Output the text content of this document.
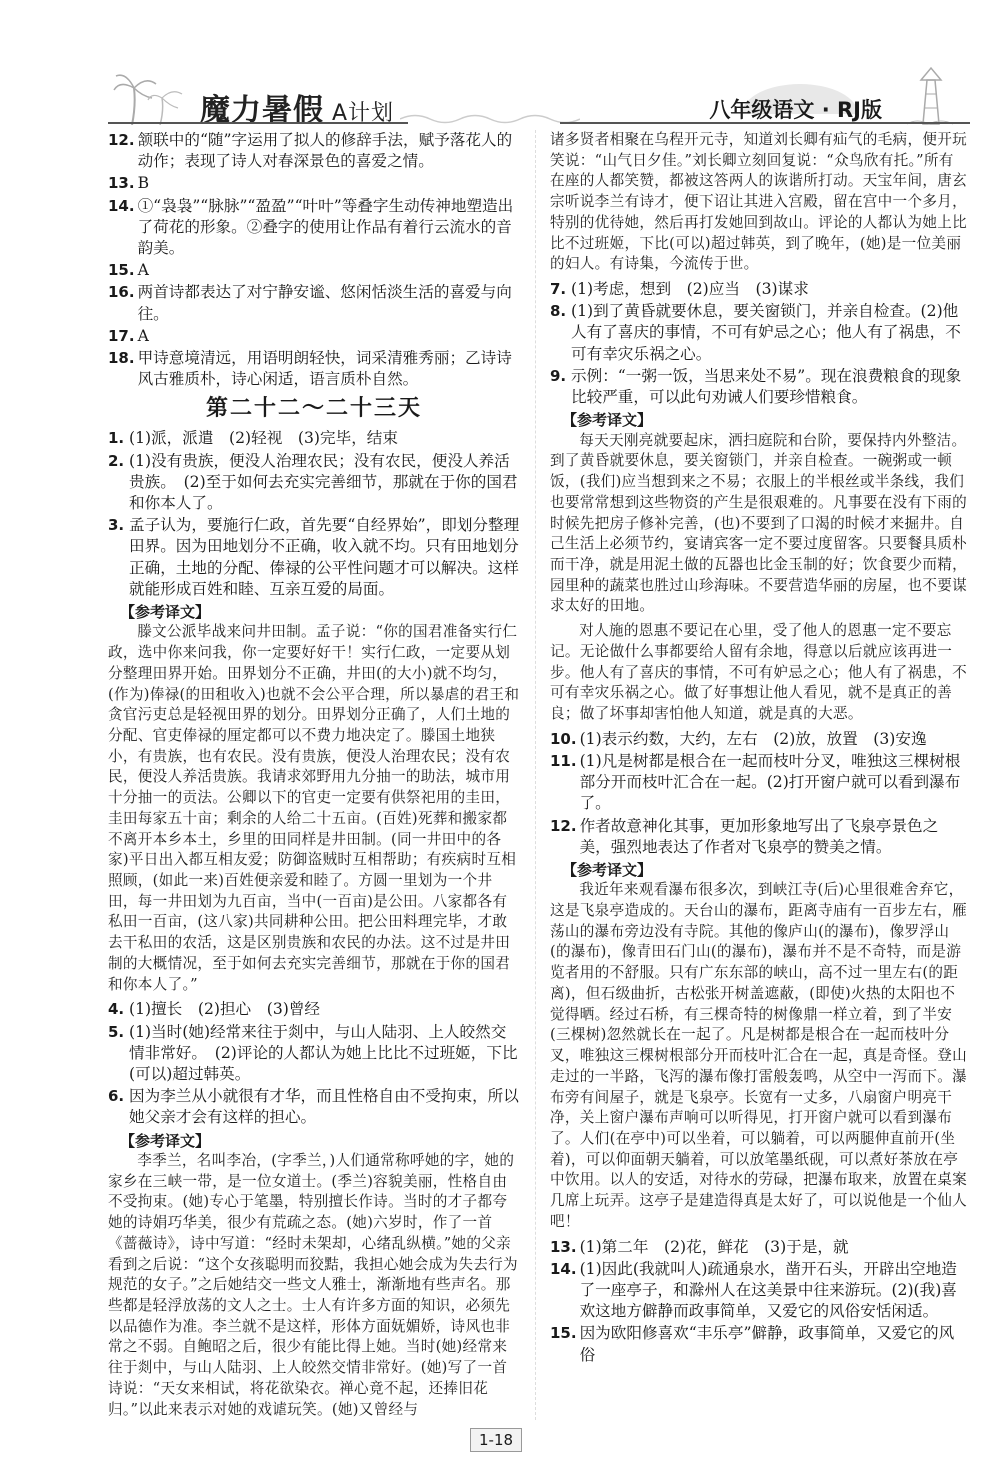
魔力暑假 A计划	八年级语文 · RJ版
12. 颔联中的“随”字运用了拟人的修辞手法，赋予落花人的动作；表现了诗人对春深景色的喜爱之情。
13. B
14. ①“袅袅”“脉脉”“盈盈”“叶叶”等叠字生动传神地塑造出了荷花的形象。②叠字的使用让作品有着行云流水的音韵美。
15. A
16. 两首诗都表达了对宁静安谧、悠闲恬淡生活的喜爱与向往。
17. A
18. 甲诗意境清远，用语明朗轻快，词采清雅秀丽；乙诗诗风古雅质朴，诗心闲适，语言质朴自然。
第二十二～二十三天
1. (1)派，派遣　(2)轻视　(3)完毕，结束
2. (1)没有贵族，便没人治理农民；没有农民，便没人养活贵族。　(2)至于如何去充实完善细节，那就在于你的国君和你本人了。
3. 孟子认为，要施行仁政，首先要“自经界始”，即划分整理田界。因为田地划分不正确，收入就不均。只有田地划分正确，土地的分配、俸禄的公平性问题才可以解决。这样就能形成百姓和睦、互亲互爱的局面。
【参考译文】
滕文公派毕战来问井田制。孟子说：“你的国君准备实行仁政，选中你来问我，你一定要好好干！实行仁政，一定要从划分整理田界开始。田界划分不正确，井田(的大小)就不均匀，(作为)俸禄(的田租收入)也就不会公平合理，所以暴虐的君王和贪官污吏总是轻视田界的划分。田界划分正确了，人们土地的分配、官吏俸禄的厘定都可以不费力地决定了。滕国土地狭小，有贵族，也有农民。没有贵族，便没人治理农民；没有农民，便没人养活贵族。我请求郊野用九分抽一的助法，城市用十分抽一的贡法。公卿以下的官吏一定要有供祭祀用的圭田，圭田每家五十亩；剩余的人给二十五亩。(百姓)死葬和搬家都不离开本乡本土，乡里的田同样是井田制。(同一井田中的各家)平日出入都互相友爱；防御盗贼时互相帮助；有疾病时互相照顾，(如此一来)百姓便亲爱和睦了。方圆一里划为一个井田，每一井田划为九百亩，当中(一百亩)是公田。八家都各有私田一百亩，(这八家)共同耕种公田。把公田料理完毕，才敢去干私田的农活，这是区别贵族和农民的办法。这不过是井田制的大概情况，至于如何去充实完善细节，那就在于你的国君和你本人了。”
4. (1)擅长　(2)担心　(3)曾经
5. (1)当时(她)经常来往于剡中，与山人陆羽、上人皎然交情非常好。　(2)评论的人都认为她上比比不过班姬，下比(可以)超过韩英。
6. 因为李兰从小就很有才华，而且性格自由不受拘束，所以她父亲才会有这样的担心。
【参考译文】
李季兰，名叫李冶，(字季兰，)人们通常称呼她的字，她的家乡在三峡一带，是一位女道士。(季兰)容貌美丽，性格自由不受拘束。(她)专心于笔墨，特别擅长作诗。当时的才子都夸她的诗娟巧华美，很少有荒疏之态。(她)六岁时，作了一首《蔷薇诗》，诗中写道：“经时未架却，心绪乱纵横。”她的父亲看到之后说：“这个女孩聪明而狡黠，我担心她会成为失去行为规范的女子。”之后她结交一些文人雅士，渐渐地有些声名。那些都是轻浮放荡的文人之士。士人有许多方面的知识，必须先以品德作为准。李兰就不是这样，形体方面妩媚娇，诗风也非常之不弱。自鲍昭之后，很少有能比得上她。当时(她)经常来往于剡中，与山人陆羽、上人皎然交情非常好。(她)写了一首诗说：“天女来相试，将花欲染衣。禅心竟不起，还捧旧花归。”以此来表示对她的戏谑玩笑。(她)又曾经与
诸多贤者相聚在乌程开元寺，知道刘长卿有疝气的毛病，便开玩笑说：“山气日夕佳。”刘长卿立刻回复说：“众鸟欣有托。”所有在座的人都笑赞，都被这答两人的诙谐所打动。天宝年间，唐玄宗听说李兰有诗才，便下诏让其进入宫殿，留在宫中一个多月，特别的优待她，然后再打发她回到故山。评论的人都认为她上比比不过班姬，下比(可以)超过韩英，到了晚年，(她)是一位美丽的妇人。有诗集，今流传于世。
7. (1)考虑，想到　(2)应当　(3)谋求
8. (1)到了黄昏就要休息，要关窗锁门，并亲自检查。(2)他人有了喜庆的事情，不可有妒忌之心；他人有了祸患，不可有幸灾乐祸之心。
9. 示例：“一粥一饭，当思来处不易”。现在浪费粮食的现象比较严重，可以此句劝诫人们要珍惜粮食。
【参考译文】
每天天刚亮就要起床，洒扫庭院和台阶，要保持内外整洁。到了黄昏就要休息，要关窗锁门，并亲自检查。一碗粥或一顿饭，(我们)应当想到来之不易；衣服上的半根丝或半条线，我们也要常常想到这些物资的产生是很艰难的。凡事要在没有下雨的时候先把房子修补完善，(也)不要到了口渴的时候才来掘井。自己生活上必须节约，宴请宾客一定不要过度留客。只要餐具质朴而干净，就是用泥土做的瓦器也比金玉制的好；饮食要少而精，园里种的蔬菜也胜过山珍海味。不要营造华丽的房屋，也不要谋求太好的田地。
对人施的恩惠不要记在心里，受了他人的恩惠一定不要忘记。无论做什么事都要给人留有余地，得意以后就应该再进一步。他人有了喜庆的事情，不可有妒忌之心；他人有了祸患，不可有幸灾乐祸之心。做了好事想让他人看见，就不是真正的善良；做了坏事却害怕他人知道，就是真的大恶。
10. (1)表示约数，大约，左右　(2)放，放置　(3)安逸
11. (1)凡是树都是根合在一起而枝叶分叉，唯独这三棵树根部分开而枝叶汇合在一起。(2)打开窗户就可以看到瀑布了。
12. 作者故意神化其事，更加形象地写出了飞泉亭景色之美，强烈地表达了作者对飞泉亭的赞美之情。
【参考译文】
我近年来观看瀑布很多次，到峡江寺(后)心里很难舍弃它，这是飞泉亭造成的。天台山的瀑布，距离寺庙有一百步左右，雁荡山的瀑布旁边没有寺院。其他的像庐山(的瀑布)，像罗浮山(的瀑布)，像青田石门山(的瀑布)，瀑布并不是不奇特，而是游览者用的不舒服。只有广东东部的峡山，高不过一里左右(的距离)，但石级曲折，古松张开树盖遮蔽，(即使)火热的太阳也不觉得晒。经过石桥，有三棵奇特的树像鼎一样立着，到了半安(三棵树)忽然就长在一起了。凡是树都是根合在一起而枝叶分叉，唯独这三棵树根部分开而枝叶汇合在一起，真是奇怪。登山走过的一半路，飞泻的瀑布像打雷般轰鸣，从空中一泻而下。瀑布旁有间屋子，就是飞泉亭。长宽有一丈多，八扇窗户明亮干净，关上窗户瀑布声响可以听得见，打开窗户就可以看到瀑布了。人们(在亭中)可以坐着，可以躺着，可以两腿伸直前开(坐着)，可以仰面朝天躺着，可以放笔墨纸砚，可以煮好茶放在亭中饮用。以人的安适，对待水的劳碌，把瀑布取来，放置在桌案几席上玩弄。这亭子是建造得真是太好了，可以说他是一个仙人吧！
13. (1)第二年　(2)花，鲜花　(3)于是，就
14. (1)因此(我就叫人)疏通泉水，凿开石头，开辟出空地造了一座亭子，和滁州人在这美景中往来游玩。(2)(我)喜欢这地方僻静而政事简单，又爱它的风俗安恬闲适。
15. 因为欧阳修喜欢“丰乐亭”僻静，政事简单，又爱它的风俗
1-18
